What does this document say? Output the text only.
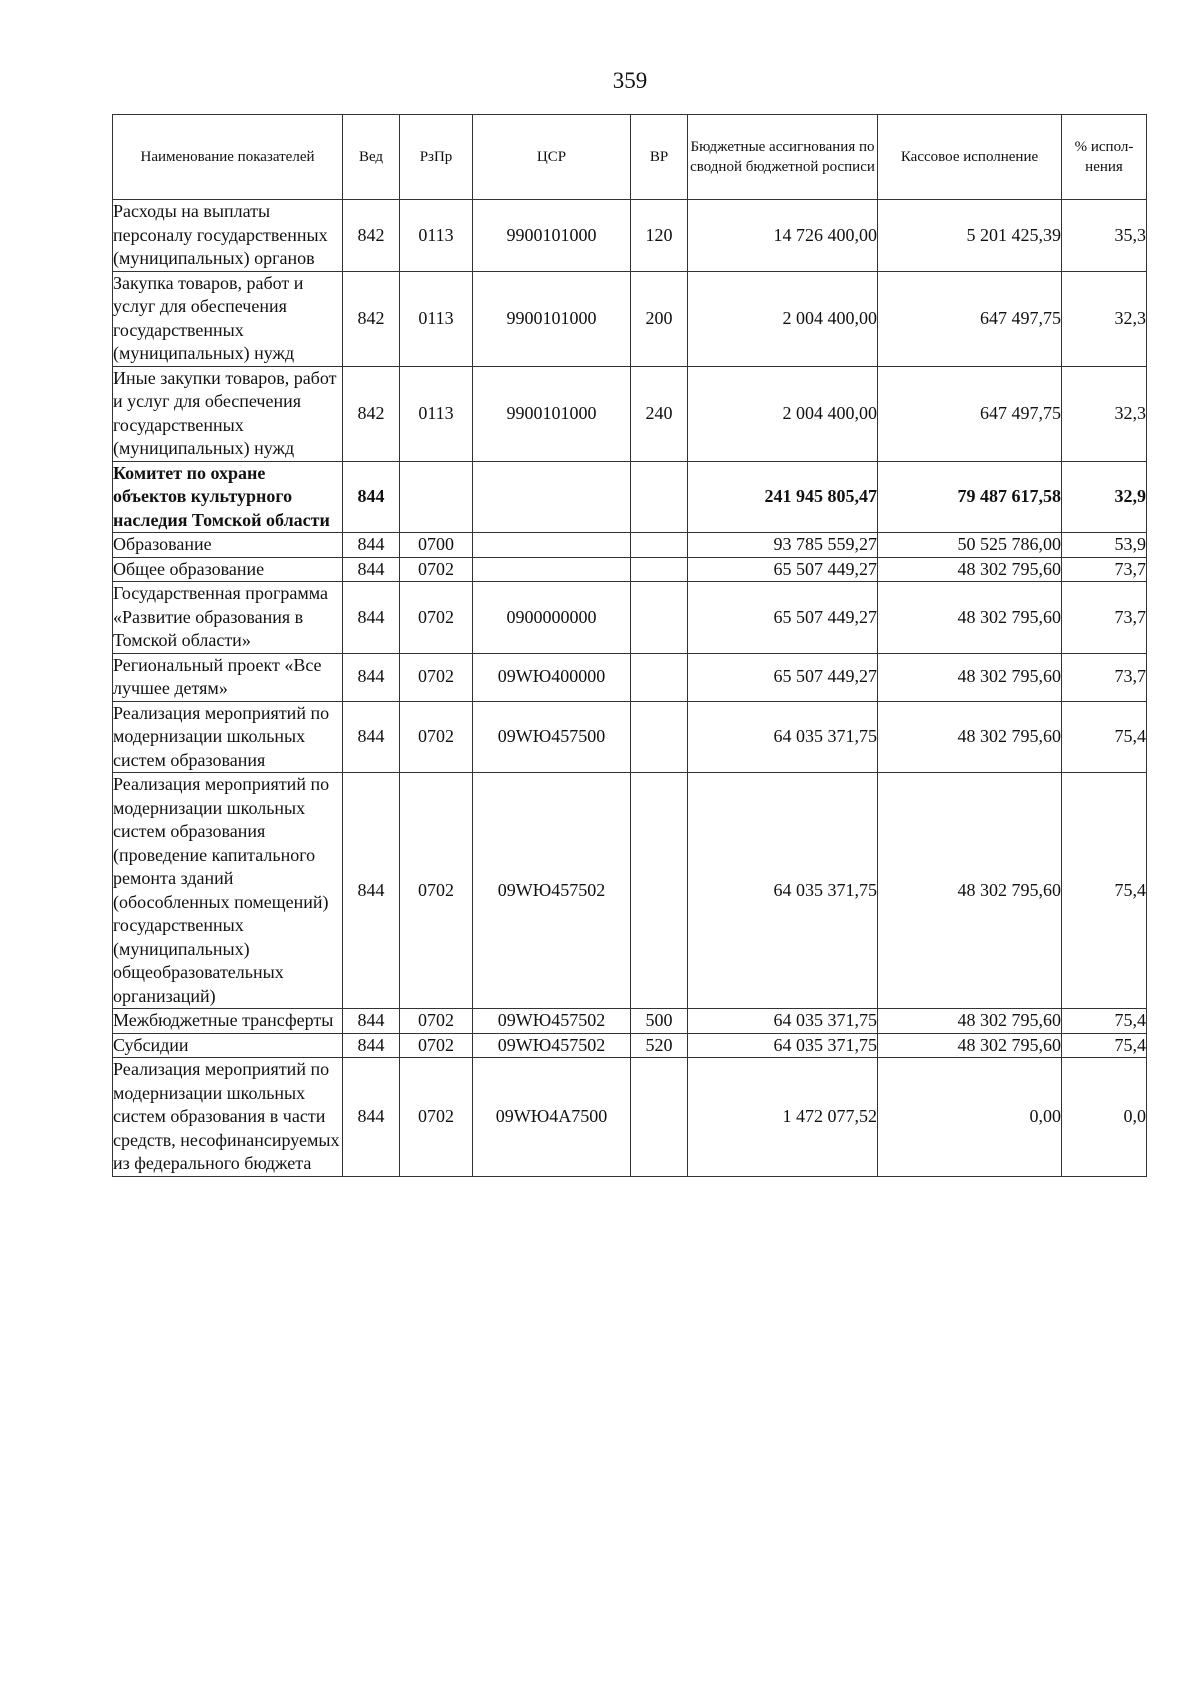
359
Наименование показателей	Вед	РзПр	ЦСР	ВР	Бюджетные ассигнования по сводной бюджетной росписи	Кассовое исполнение	% испол-нения
Расходы на выплаты персоналу государственных (муниципальных) органов	842	0113	9900101000	120	14 726 400,00	5 201 425,39	35,3
Закупка товаров, работ и услуг для обеспечения государственных (муниципальных) нужд	842	0113	9900101000	200	2 004 400,00	647 497,75	32,3
Иные закупки товаров, работ и услуг для обеспечения государственных (муниципальных) нужд	842	0113	9900101000	240	2 004 400,00	647 497,75	32,3
Комитет по охране объектов культурного наследия Томской области	844				241 945 805,47	79 487 617,58	32,9
Образование	844	0700			93 785 559,27	50 525 786,00	53,9
Общее образование	844	0702			65 507 449,27	48 302 795,60	73,7
Государственная программа «Развитие образования в Томской области»	844	0702	0900000000		65 507 449,27	48 302 795,60	73,7
Региональный проект «Все лучшее детям»	844	0702	09WЮ400000		65 507 449,27	48 302 795,60	73,7
Реализация мероприятий по модернизации школьных систем образования	844	0702	09WЮ457500		64 035 371,75	48 302 795,60	75,4
Реализация мероприятий по модернизации школьных систем образования (проведение капитального ремонта зданий (обособленных помещений) государственных (муниципальных) общеобразовательных организаций)	844	0702	09WЮ457502		64 035 371,75	48 302 795,60	75,4
Межбюджетные трансферты	844	0702	09WЮ457502	500	64 035 371,75	48 302 795,60	75,4
Субсидии	844	0702	09WЮ457502	520	64 035 371,75	48 302 795,60	75,4
Реализация мероприятий по модернизации школьных систем образования в части средств, несофинансируемых из федерального бюджета	844	0702	09WЮ4А7500		1 472 077,52	0,00	0,0
